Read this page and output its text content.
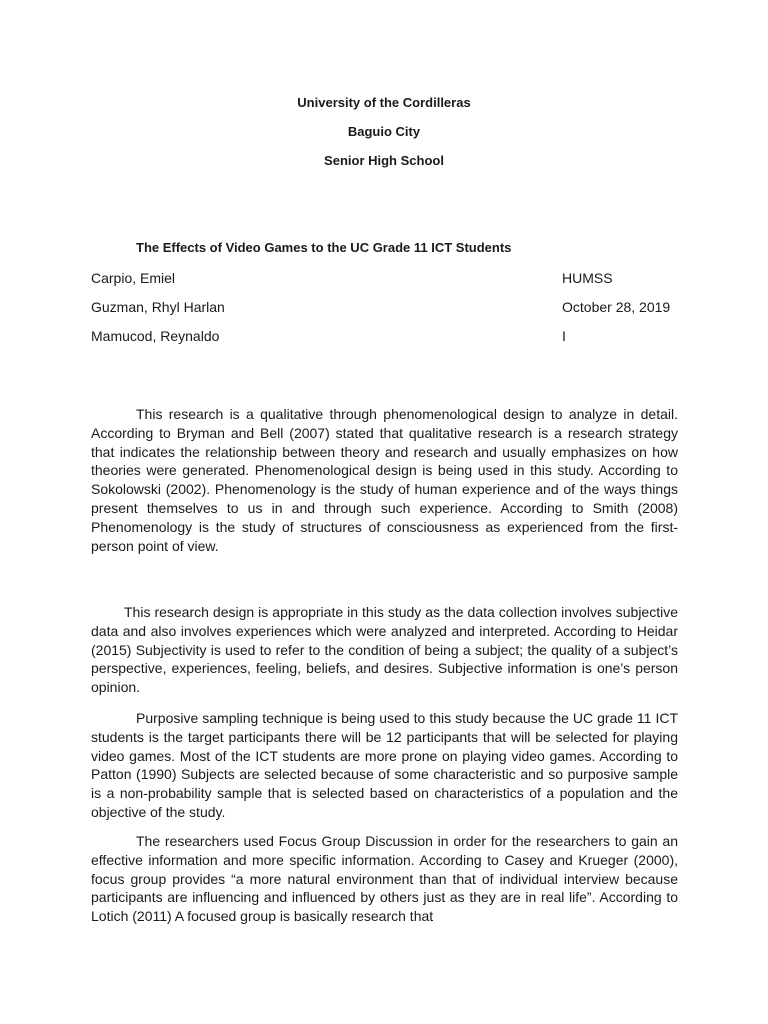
University of the Cordilleras
Baguio City
Senior High School
The Effects of Video Games to the UC Grade 11 ICT Students
Carpio, Emiel
Guzman, Rhyl Harlan
Mamucod, Reynaldo
HUMSS
October 28, 2019
I

This research is a qualitative through phenomenological design to analyze in detail. According to Bryman and Bell (2007) stated that qualitative research is a research strategy that indicates the relationship between theory and research and usually emphasizes on how theories were generated. Phenomenological design is being used in this study. According to Sokolowski (2002). Phenomenology is the study of human experience and of the ways things present themselves to us in and through such experience. According to Smith (2008) Phenomenology is the study of structures of consciousness as experienced from the first-person point of view.

This research design is appropriate in this study as the data collection involves subjective data and also involves experiences which were analyzed and interpreted. According to Heidar (2015) Subjectivity is used to refer to the condition of being a subject; the quality of a subject’s perspective, experiences, feeling, beliefs, and desires. Subjective information is one’s person opinion.

Purposive sampling technique is being used to this study because the UC grade 11 ICT students is the target participants there will be 12 participants that will be selected for playing video games. Most of the ICT students are more prone on playing video games. According to Patton (1990) Subjects are selected because of some characteristic and so purposive sample is a non-probability sample that is selected based on characteristics of a population and the objective of the study.

The researchers used Focus Group Discussion in order for the researchers to gain an effective information and more specific information. According to Casey and Krueger (2000), focus group provides “a more natural environment than that of individual interview because participants are influencing and influenced by others just as they are in real life”. According to Lotich (2011) A focused group is basically research that
